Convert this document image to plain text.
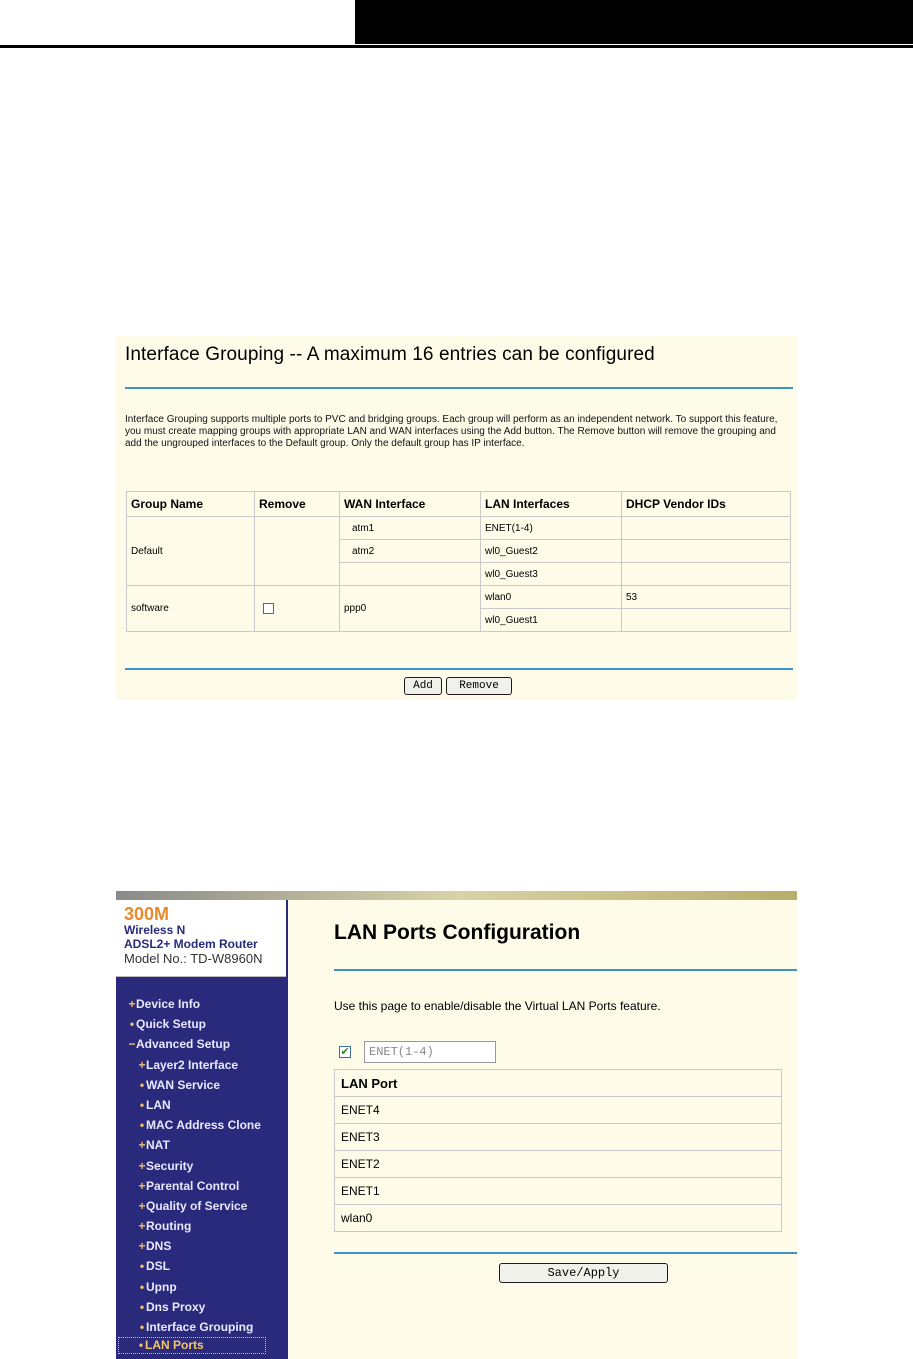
Interface Grouping -- A maximum 16 entries can be configured
Interface Grouping supports multiple ports to PVC and bridging groups. Each group will perform as an independent network. To support this feature, you must create mapping groups with appropriate LAN and WAN interfaces using the Add button. The Remove button will remove the grouping and add the ungrouped interfaces to the Default group. Only the default group has IP interface.
Group Name	Remove	WAN Interface	LAN Interfaces	DHCP Vendor IDs
Default		atm1	ENET(1-4)	
		atm2	wl0_Guest2	
			wl0_Guest3	
software		ppp0	wlan0	53
			wl0_Guest1	
Add	Remove
300M
Wireless N
ADSL2+ Modem Router
Model No.: TD-W8960N
+Device Info
• Quick Setup
−Advanced Setup
+Layer2 Interface
• WAN Service
• LAN
• MAC Address Clone
+NAT
+Security
+Parental Control
+Quality of Service
+Routing
+DNS
• DSL
• Upnp
• Dns Proxy
• Interface Grouping
• LAN Ports
LAN Ports Configuration
Use this page to enable/disable the Virtual LAN Ports feature.
✔	ENET(1-4)
LAN Port
ENET4
ENET3
ENET2
ENET1
wlan0
Save/Apply
